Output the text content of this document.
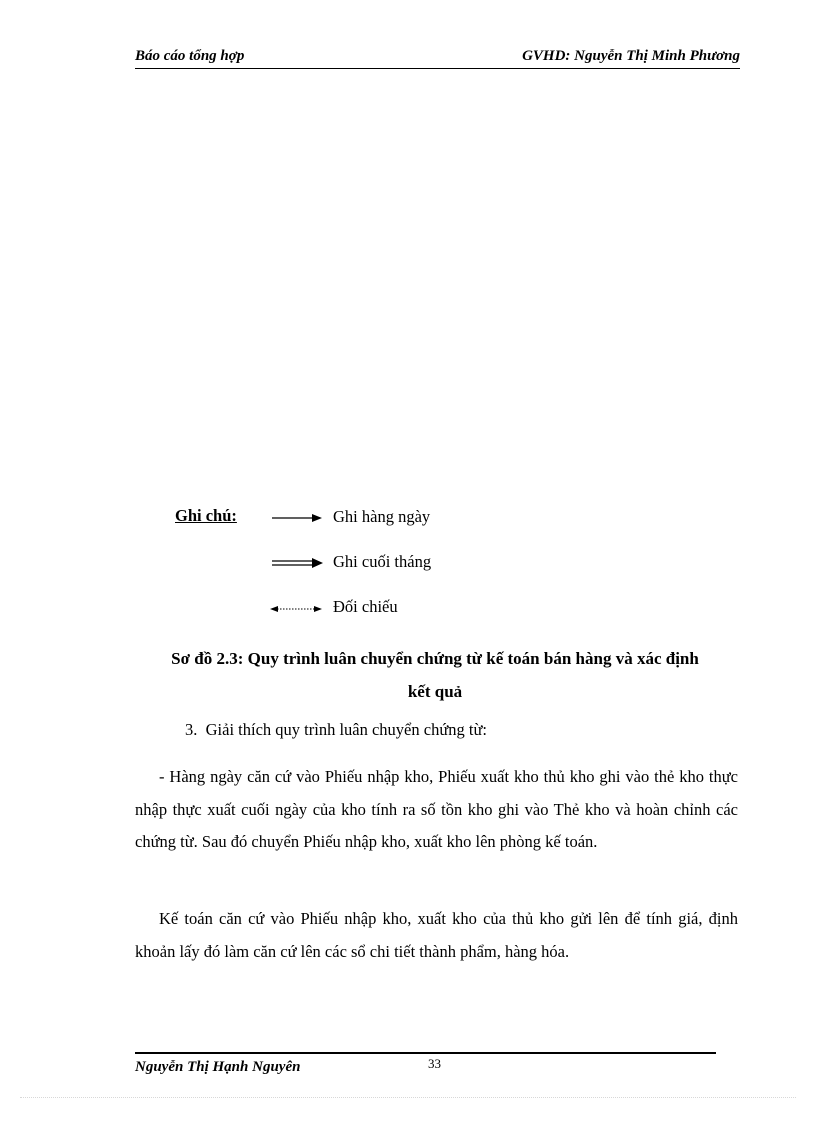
Báo cáo tổng hợp	GVHD: Nguyễn Thị Minh Phương
Ghi chú:	Ghi hàng ngày
Ghi cuối tháng
Đối chiếu
Sơ đồ 2.3: Quy trình luân chuyển chứng từ kế toán bán hàng và xác định
kết quả
3. Giải thích quy trình luân chuyển chứng từ:
- Hàng ngày căn cứ vào Phiếu nhập kho, Phiếu xuất kho thủ kho ghi vào thẻ kho thực nhập thực xuất cuối ngày của kho tính ra số tồn kho ghi vào Thẻ kho và hoàn chỉnh các chứng từ. Sau đó chuyển Phiếu nhập kho, xuất kho lên phòng kế toán.
Kế toán căn cứ vào Phiếu nhập kho, xuất kho của thủ kho gửi lên để tính giá, định khoản lấy đó làm căn cứ lên các sổ chi tiết thành phẩm, hàng hóa.
Nguyễn Thị Hạnh Nguyên	33
